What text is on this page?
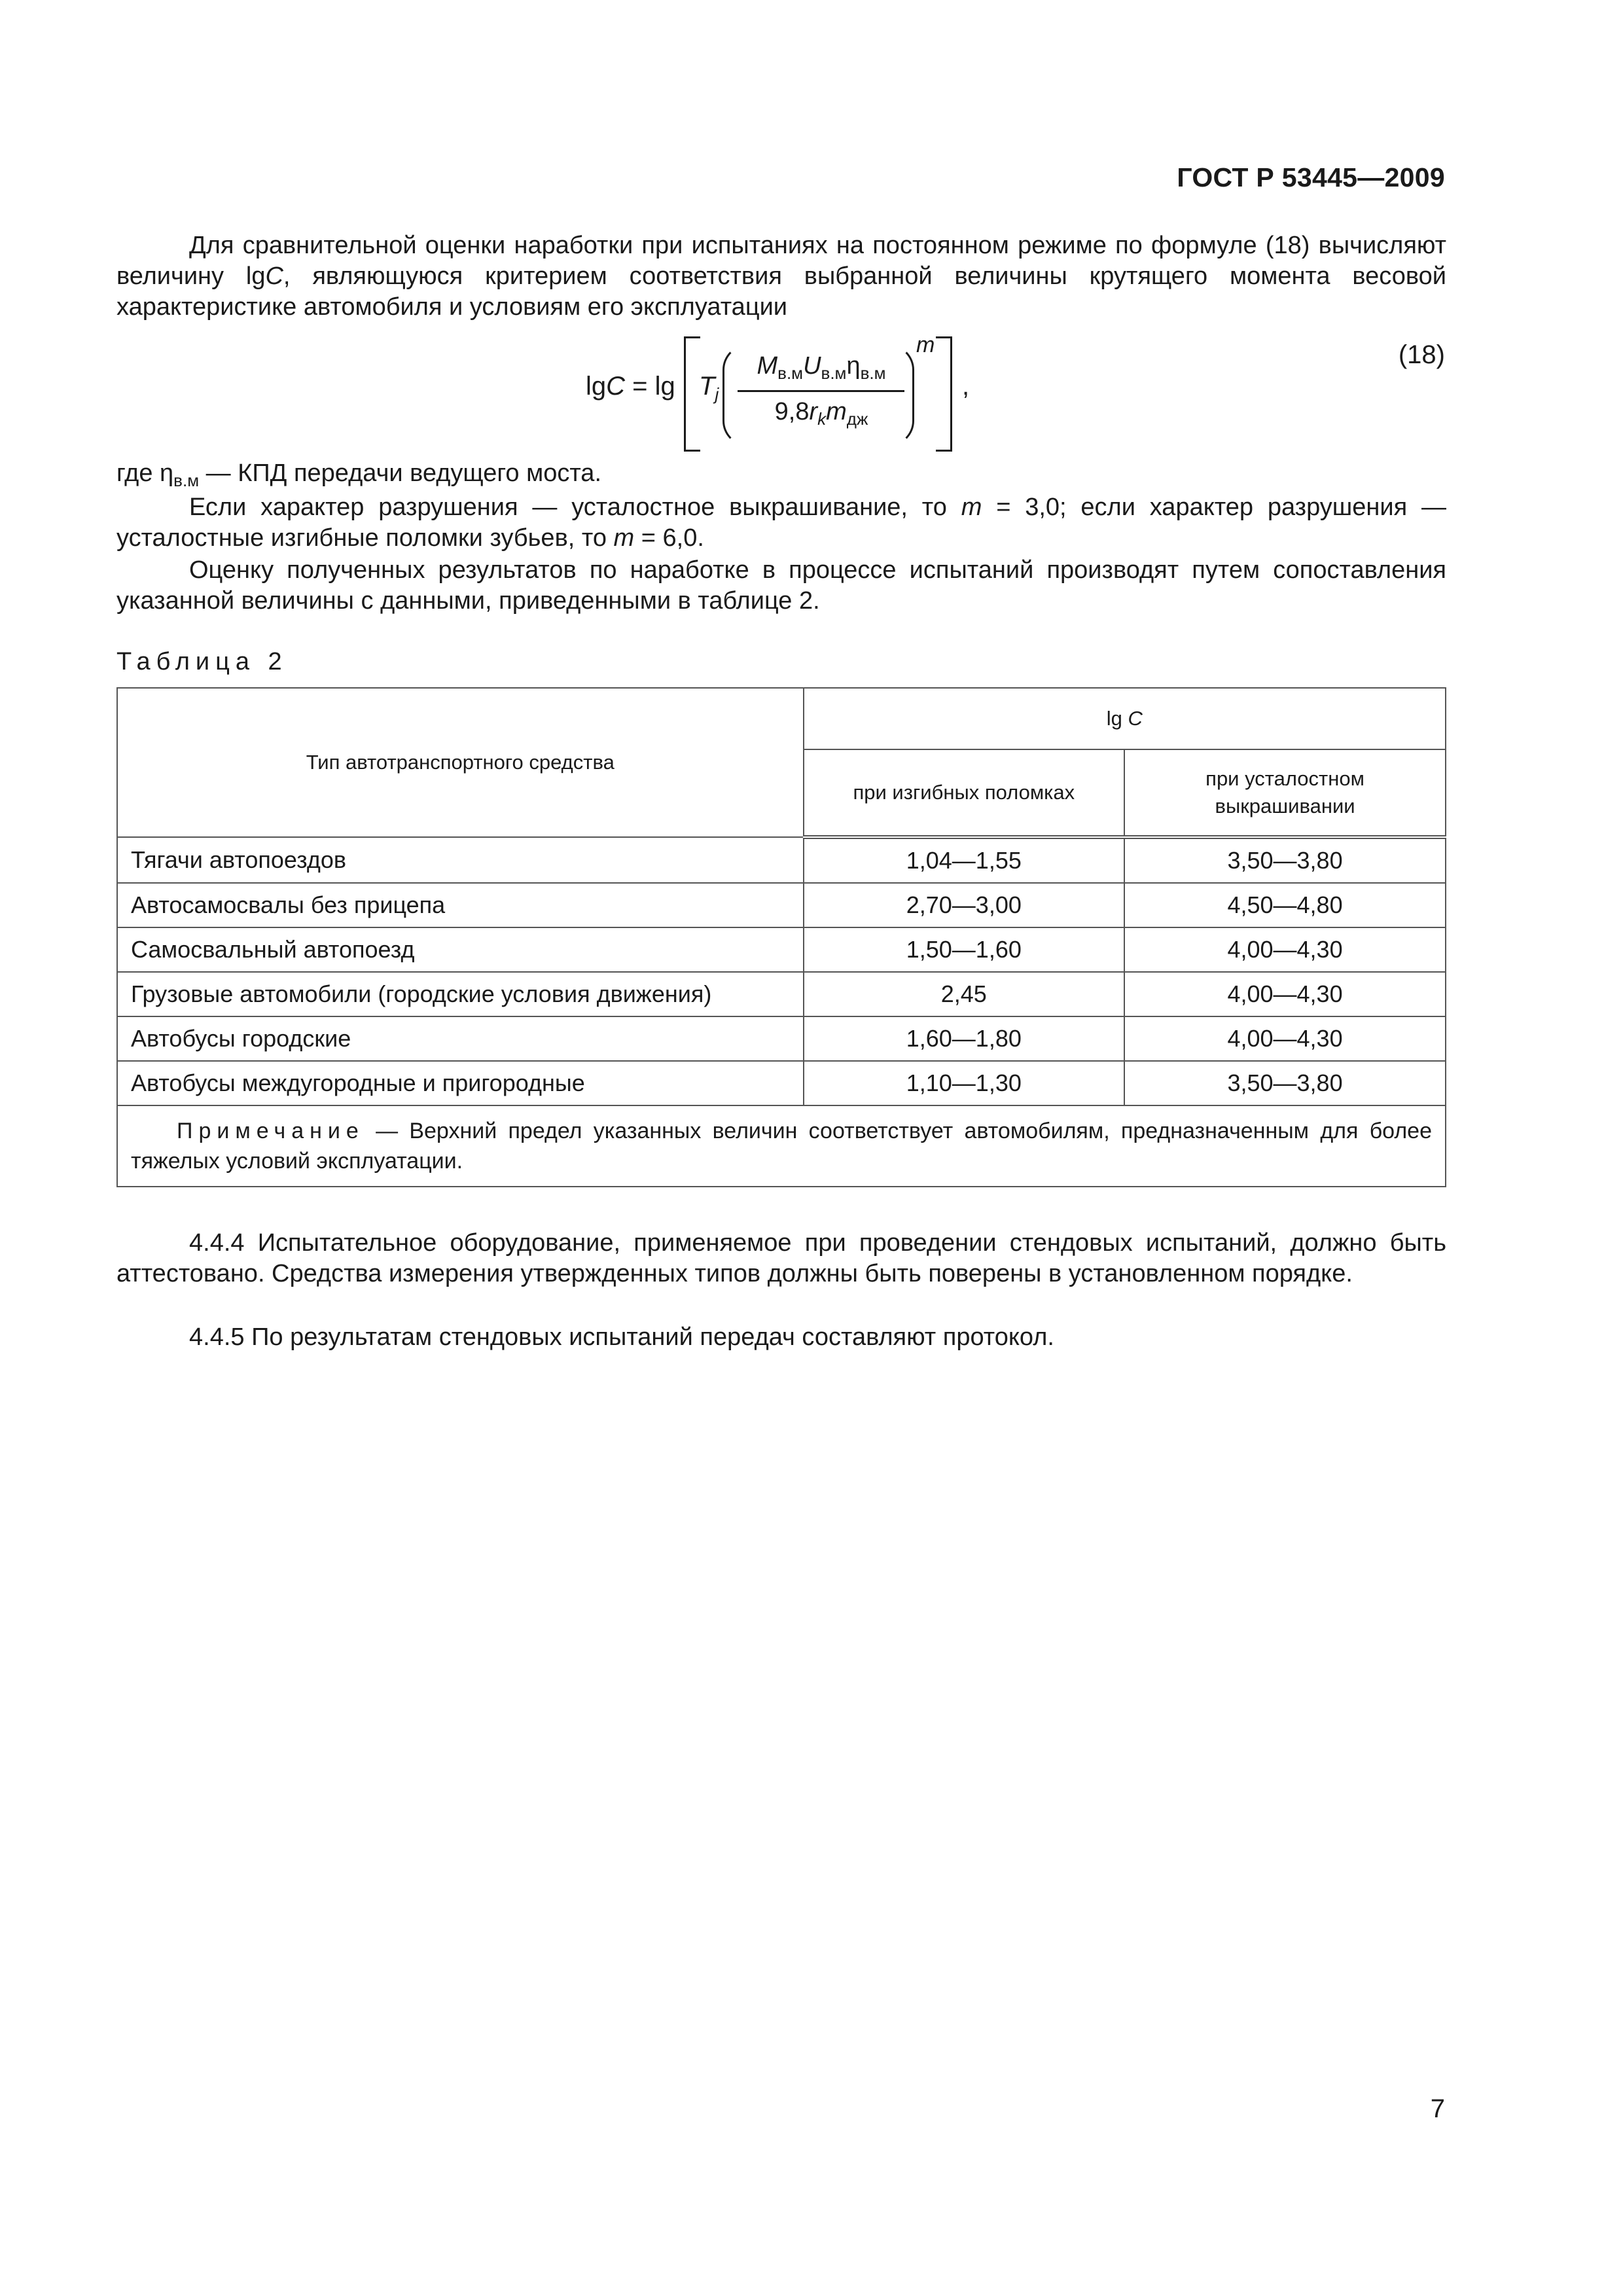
ГОСТ Р 53445—2009

Для сравнительной оценки наработки при испытаниях на постоянном режиме по формуле (18) вычисляют величину lgC, являющуюся критерием соответствия выбранной величины крутящего момента весовой характеристике автомобиля и условиям его эксплуатации

$\lg C = \lg T_j$
$M_{в.м}U_{в.м}\eta_{в.м}$
$9,8r_km_{дж}$
m
,
(18)
где $\eta_{в.м}$ — КПД передачи ведущего моста.

Если характер разрушения — усталостное выкрашивание, то m = 3,0; если характер разрушения — усталостные изгибные поломки зубьев, то m = 6,0.

Оценку полученных результатов по наработке в процессе испытаний производят путем сопоставления указанной величины с данными, приведенными в таблице 2.

Таблица 2
Тип автотранспортного средства	lg C	
	при изгибных поломках	при усталостном выкрашивании
Тягачи автопоездов	1,04—1,55	3,50—3,80
Автосамосвалы без прицепа	2,70—3,00	4,50—4,80
Самосвальный автопоезд	1,50—1,60	4,00—4,30
Грузовые автомобили (городские условия движения)	2,45	4,00—4,30
Автобусы городские	1,60—1,80	4,00—4,30
Автобусы междугородные и пригородные	1,10—1,30	3,50—3,80
Примечание — Верхний предел указанных величин соответствует автомобилям, предназначенным для более тяжелых условий эксплуатации.		

4.4.4 Испытательное оборудование, применяемое при проведении стендовых испытаний, должно быть аттестовано. Средства измерения утвержденных типов должны быть поверены в установленном порядке.

4.4.5 По результатам стендовых испытаний передач составляют протокол.

7
